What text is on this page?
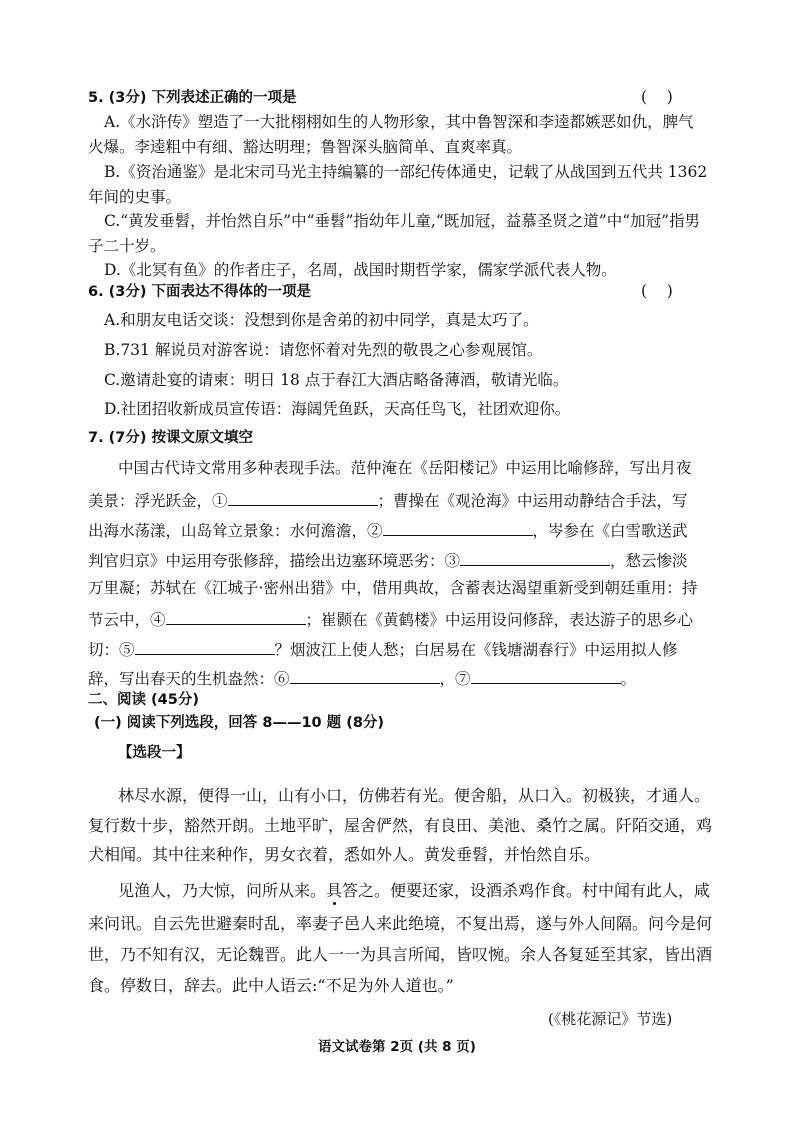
5. (3分) 下列表述正确的一项是	(    )
A.《水浒传》塑造了一大批栩栩如生的人物形象，其中鲁智深和李逵都嫉恶如仇，脾气
火爆。李逵粗中有细、豁达明理；鲁智深头脑简单、直爽率真。
B.《资治通鉴》是北宋司马光主持编纂的一部纪传体通史，记载了从战国到五代共 1362
年间的史事。
C.“黄发垂髫，并怡然自乐”中“垂髫”指幼年儿童,“既加冠，益慕圣贤之道”中“加冠”指男
子二十岁。
D.《北冥有鱼》的作者庄子，名周，战国时期哲学家，儒家学派代表人物。
6. (3分) 下面表达不得体的一项是	(    )
A.和朋友电话交谈：没想到你是舍弟的初中同学，真是太巧了。
B.731 解说员对游客说：请您怀着对先烈的敬畏之心参观展馆。
C.邀请赴宴的请柬：明日 18 点于春江大酒店略备薄酒，敬请光临。
D.社团招收新成员宣传语：海阔凭鱼跃，天高任鸟飞，社团欢迎你。
7. (7分) 按课文原文填空
中国古代诗文常用多种表现手法。范仲淹在《岳阳楼记》中运用比喻修辞，写出月夜
美景：浮光跃金，①	；曹操在《观沧海》中运用动静结合手法，写
出海水荡漾，山岛耸立景象：水何澹澹，②	，岑参在《白雪歌送武
判官归京》中运用夸张修辞，描绘出边塞环境恶劣：③	，愁云惨淡
万里凝；苏轼在《江城子·密州出猎》中，借用典故，含蓄表达渴望重新受到朝廷重用：持
节云中，④	；崔颢在《黄鹤楼》中运用设问修辞，表达游子的思乡心
切：⑤	？烟波江上使人愁；白居易在《钱塘湖春行》中运用拟人修
辞，写出春天的生机盎然：⑥	，⑦	。
二、阅读 (45分)
(一) 阅读下列选段，回答 8——10 题 (8分)
【选段一】
林尽水源，便得一山，山有小口，仿佛若有光。便舍船，从口入。初极狭，才通人。
复行数十步，豁然开朗。土地平旷，屋舍俨然，有良田、美池、桑竹之属。阡陌交通，鸡
犬相闻。其中往来种作，男女衣着，悉如外人。黄发垂髫，并怡然自乐。
见渔人，乃大惊，问所从来。具答之。便要还家，设酒杀鸡作食。村中闻有此人，咸
来问讯。自云先世避秦时乱，率妻子邑人来此绝境，不复出焉，遂与外人间隔。问今是何
世，乃不知有汉，无论魏晋。此人一一为具言所闻，皆叹惋。余人各复延至其家，皆出酒
食。停数日，辞去。此中人语云:“不足为外人道也。”
(《桃花源记》节选)
语文试卷第 2页 (共 8 页)
